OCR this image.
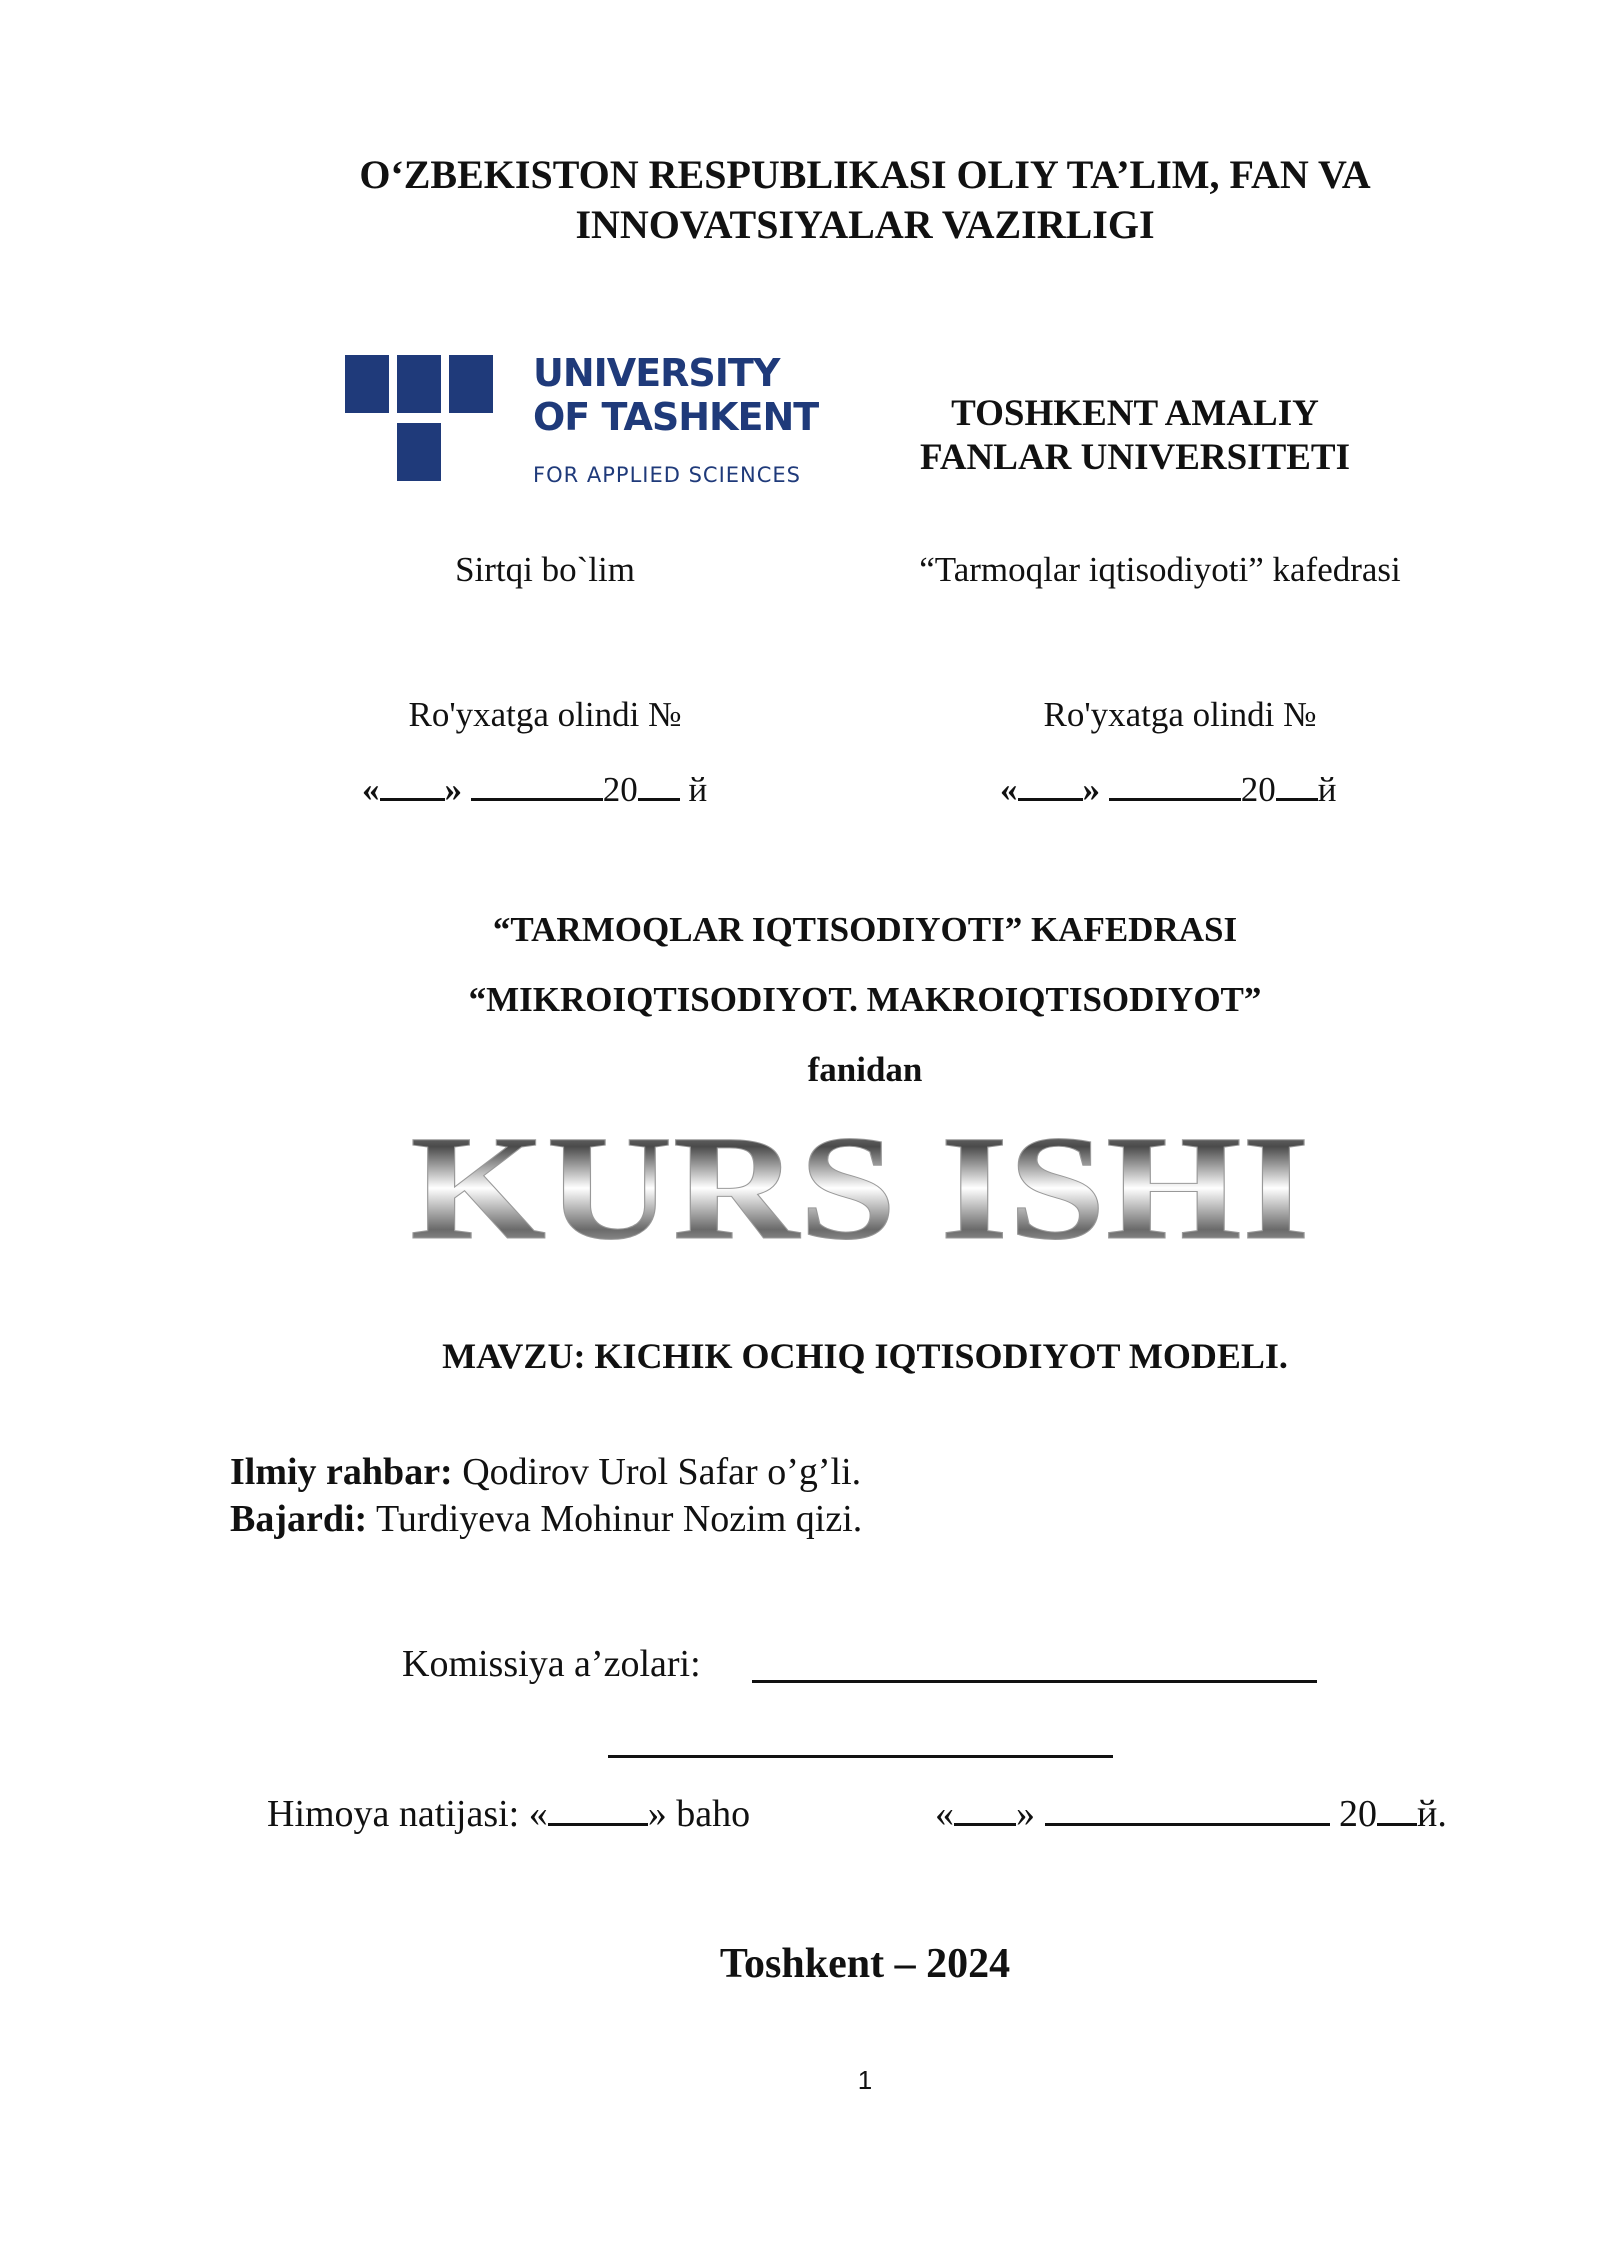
O‘ZBEKISTON RESPUBLIKASI OLIY TA’LIM, FAN VA
INNOVATSIYALAR VAZIRLIGI
UNIVERSITY
OF TASHKENT
FOR APPLIED SCIENCES
TOSHKENT AMALIY
FANLAR UNIVERSITETI
Sirtqi bo`lim	“Tarmoqlar iqtisodiyoti” kafedrasi
Ro'yxatga olindi №
« »	20 й
Ro'yxatga olindi №
« »	20 й
“TARMOQLAR IQTISODIYOTI” KAFEDRASI
“MIKROIQTISODIYOT. MAKROIQTISODIYOT”
fanidan
KURS ISHI
MAVZU: KICHIK OCHIQ IQTISODIYOT MODELI.
Ilmiy rahbar: Qodirov Urol Safar o’g’li.
Bajardi: Turdiyeva Mohinur Nozim qizi.
Komissiya a’zolari:
Himoya natijasi: «	» baho	« »	20 й.
Toshkent – 2024
1
